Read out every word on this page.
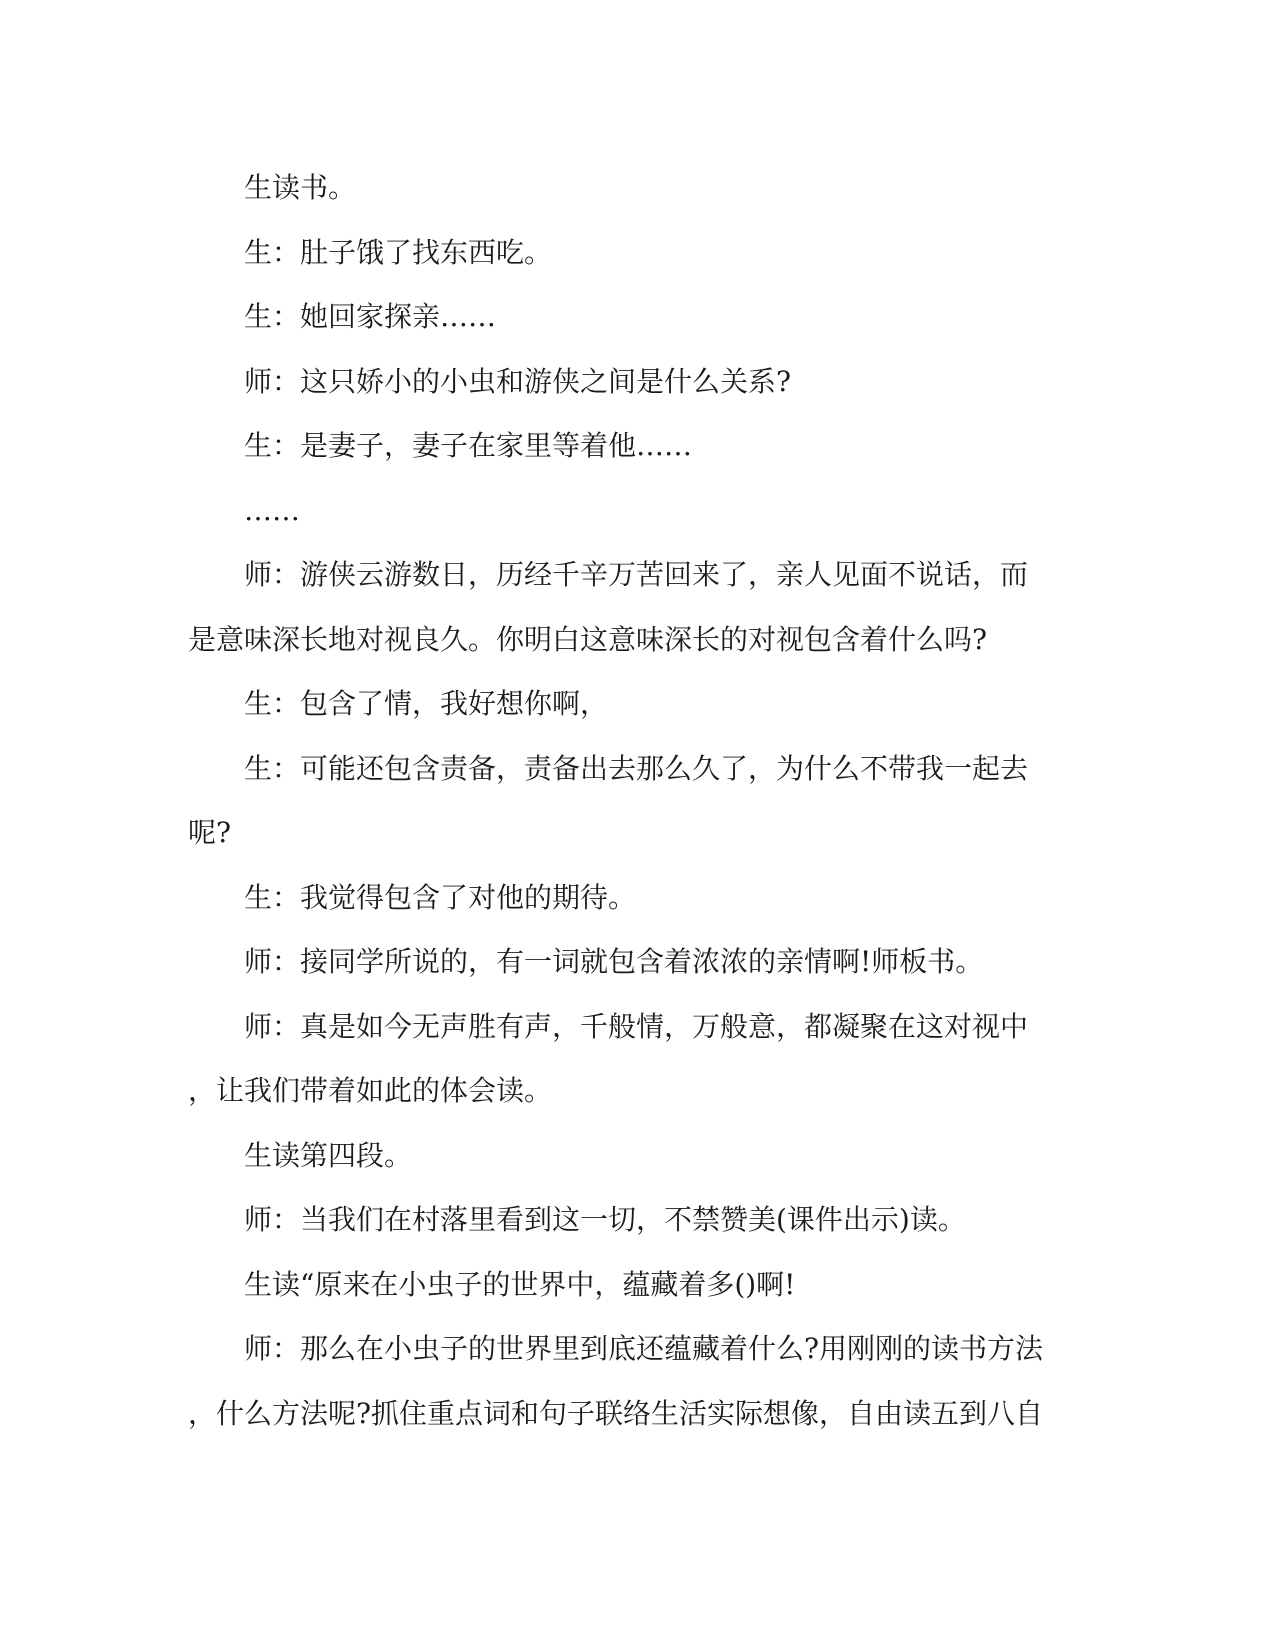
生读书。
生：肚子饿了找东西吃。
生：她回家探亲……
师：这只娇小的小虫和游侠之间是什么关系?
生：是妻子，妻子在家里等着他……
……
师：游侠云游数日，历经千辛万苦回来了，亲人见面不说话，而
是意味深长地对视良久。你明白这意味深长的对视包含着什么吗?
生：包含了情，我好想你啊，
生：可能还包含责备，责备出去那么久了，为什么不带我一起去
呢?
生：我觉得包含了对他的期待。
师：接同学所说的，有一词就包含着浓浓的亲情啊!师板书。
师：真是如今无声胜有声，千般情，万般意，都凝聚在这对视中
，让我们带着如此的体会读。
生读第四段。
师：当我们在村落里看到这一切，不禁赞美(课件出示)读。
生读“原来在小虫子的世界中，蕴藏着多()啊!
师：那么在小虫子的世界里到底还蕴藏着什么?用刚刚的读书方法
，什么方法呢?抓住重点词和句子联络生活实际想像，自由读五到八自
